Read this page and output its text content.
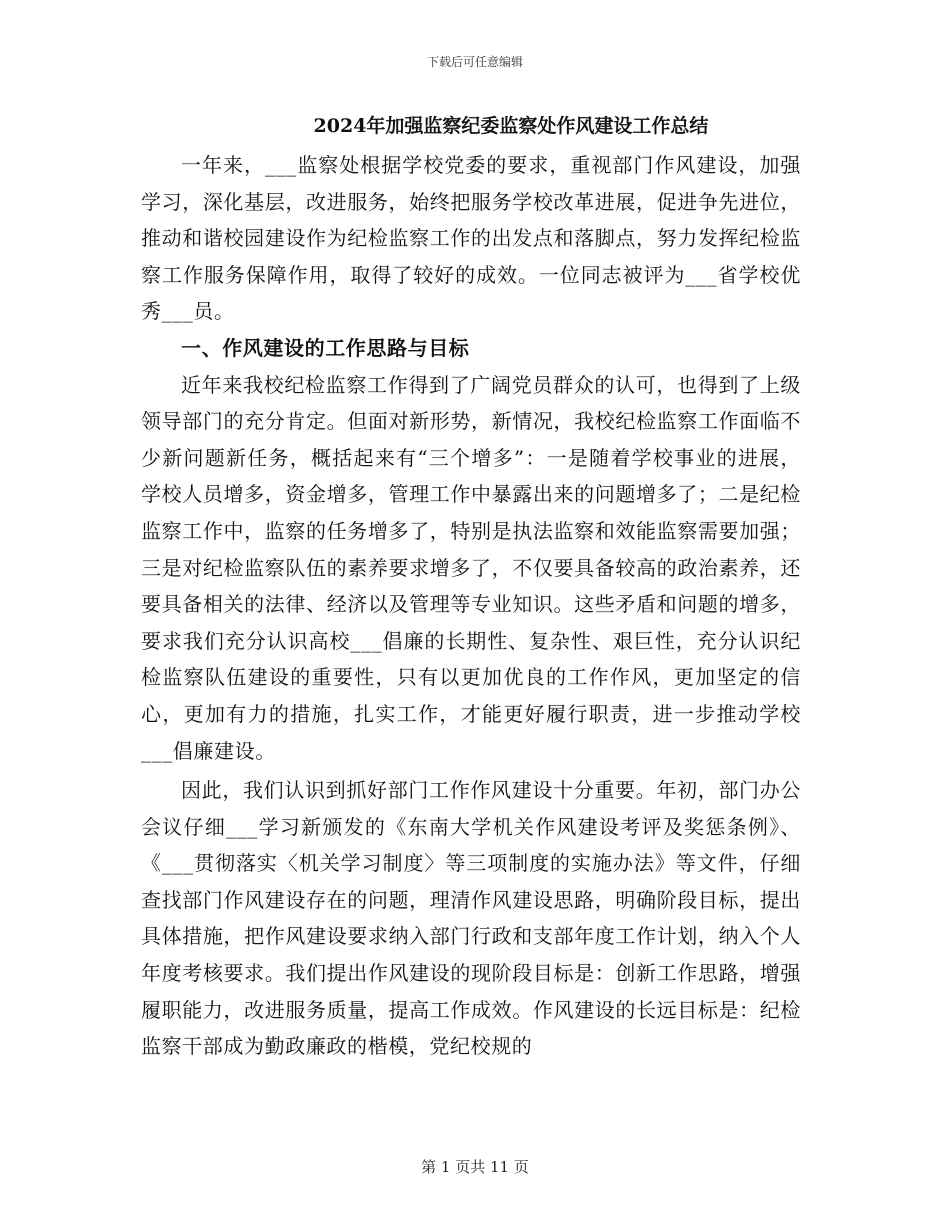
下载后可任意编辑
2024年加强监察纪委监察处作风建设工作总结

一年来，___监察处根据学校党委的要求，重视部门作风建设，加强学习，深化基层，改进服务，始终把服务学校改革进展，促进争先进位，推动和谐校园建设作为纪检监察工作的出发点和落脚点，努力发挥纪检监察工作服务保障作用，取得了较好的成效。一位同志被评为___省学校优秀___员。

一、作风建设的工作思路与目标

近年来我校纪检监察工作得到了广阔党员群众的认可，也得到了上级领导部门的充分肯定。但面对新形势，新情况，我校纪检监察工作面临不少新问题新任务，概括起来有“三个增多”：一是随着学校事业的进展，学校人员增多，资金增多，管理工作中暴露出来的问题增多了；二是纪检监察工作中，监察的任务增多了，特别是执法监察和效能监察需要加强；三是对纪检监察队伍的素养要求增多了，不仅要具备较高的政治素养，还要具备相关的法律、经济以及管理等专业知识。这些矛盾和问题的增多，要求我们充分认识高校___倡廉的长期性、复杂性、艰巨性，充分认识纪检监察队伍建设的重要性，只有以更加优良的工作作风，更加坚定的信心，更加有力的措施，扎实工作，才能更好履行职责，进一步推动学校___倡廉建设。

因此，我们认识到抓好部门工作作风建设十分重要。年初，部门办公会议仔细___学习新颁发的《东南大学机关作风建设考评及奖惩条例》、《___贯彻落实〈机关学习制度〉等三项制度的实施办法》等文件，仔细查找部门作风建设存在的问题，理清作风建设思路，明确阶段目标，提出具体措施，把作风建设要求纳入部门行政和支部年度工作计划，纳入个人年度考核要求。我们提出作风建设的现阶段目标是：创新工作思路，增强履职能力，改进服务质量，提高工作成效。作风建设的长远目标是：纪检监察干部成为勤政廉政的楷模，党纪校规的

第 1 页共 11 页
